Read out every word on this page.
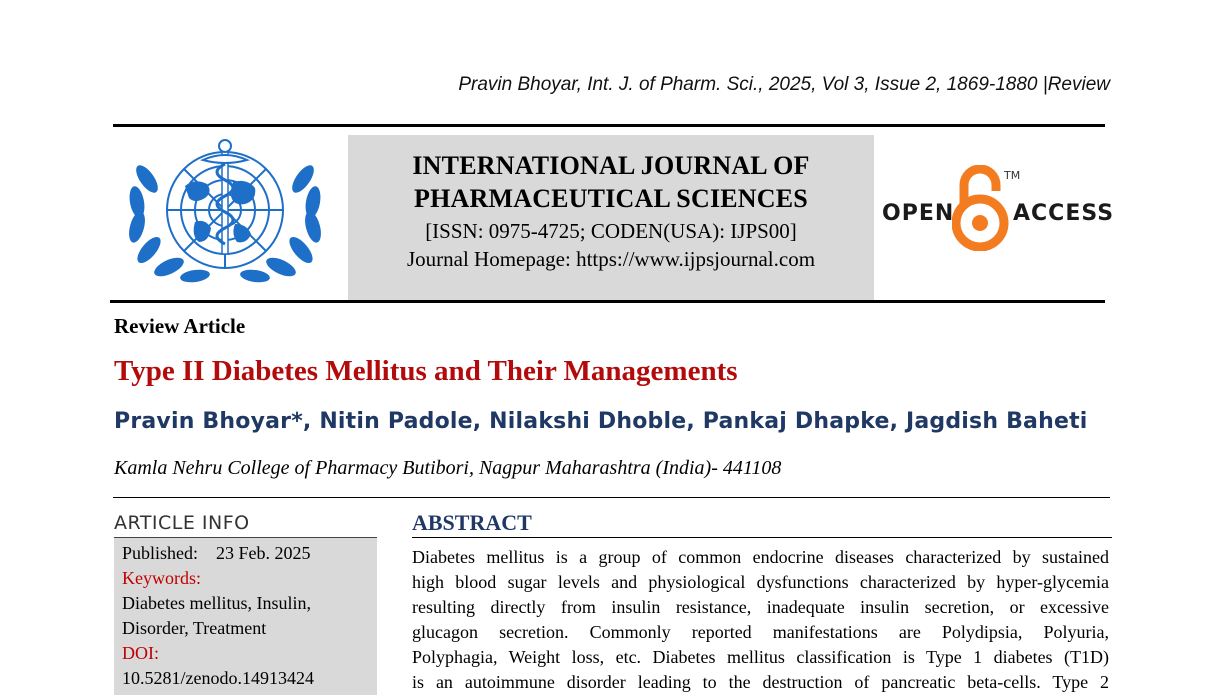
Pravin Bhoyar, Int. J. of Pharm. Sci., 2025, Vol 3, Issue 2, 1869-1880 |Review
INTERNATIONAL JOURNAL OF
PHARMACEUTICAL SCIENCES
[ISSN: 0975-4725; CODEN(USA): IJPS00]
Journal Homepage: https://www.ijpsjournal.com
OPEN
TM
ACCESS
Review Article
Type II Diabetes Mellitus and Their Managements
Pravin Bhoyar*, Nitin Padole, Nilakshi Dhoble, Pankaj Dhapke, Jagdish Baheti
Kamla Nehru College of Pharmacy Butibori, Nagpur Maharashtra (India)- 441108
ARTICLE INFO
Published: 23 Feb. 2025
Keywords:
Diabetes mellitus, Insulin,
Disorder, Treatment
DOI:
10.5281/zenodo.14913424
ABSTRACT
Diabetes mellitus is a group of common endocrine diseases characterized by sustained
high blood sugar levels and physiological dysfunctions characterized by hyper-glycemia
resulting directly from insulin resistance, inadequate insulin secretion, or excessive
glucagon secretion. Commonly reported manifestations are Polydipsia, Polyuria,
Polyphagia, Weight loss, etc. Diabetes mellitus classification is Type 1 diabetes (T1D)
is an autoimmune disorder leading to the destruction of pancreatic beta-cells. Type 2
